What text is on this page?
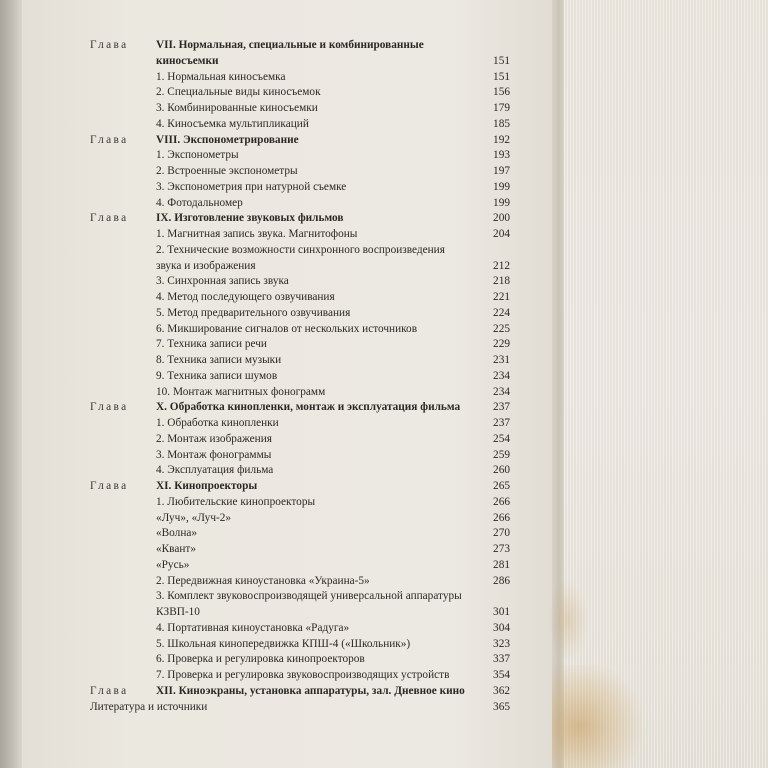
Глава	VII. Нормальная, специальные и комбинированные киносъемки	151
1. Нормальная киносъемка	151
2. Специальные виды киносъемок	156
3. Комбинированные киносъемки	179
4. Киносъемка мультипликаций	185
Глава	VIII. Экспонометрирование	192
1. Экспонометры	193
2. Встроенные экспонометры	197
3. Экспонометрия при натурной съемке	199
4. Фотодальномер	199
Глава	IX. Изготовление звуковых фильмов	200
1. Магнитная запись звука. Магнитофоны	204
2. Технические возможности синхронного воспроизведения звука и изображения	212
3. Синхронная запись звука	218
4. Метод последующего озвучивания	221
5. Метод предварительного озвучивания	224
6. Микширование сигналов от нескольких источников	225
7. Техника записи речи	229
8. Техника записи музыки	231
9. Техника записи шумов	234
10. Монтаж магнитных фонограмм	234
Глава	X. Обработка кинопленки, монтаж и эксплуатация фильма	237
1. Обработка кинопленки	237
2. Монтаж изображения	254
3. Монтаж фонограммы	259
4. Эксплуатация фильма	260
Глава	XI. Кинопроекторы	265
1. Любительские кинопроекторы	266
«Луч», «Луч-2»	266
«Волна»	270
«Квант»	273
«Русь»	281
2. Передвижная киноустановка «Украина-5»	286
3. Комплект звуковоспроизводящей универсальной аппаратуры КЗВП-10	301
4. Портативная киноустановка «Радуга»	304
5. Школьная кинопередвижка КПШ-4 («Школьник»)	323
6. Проверка и регулировка кинопроекторов	337
7. Проверка и регулировка звуковоспроизводящих устройств	354
Глава	XII. Киноэкраны, установка аппаратуры, зал. Дневное кино	362
Литература и источники	365
